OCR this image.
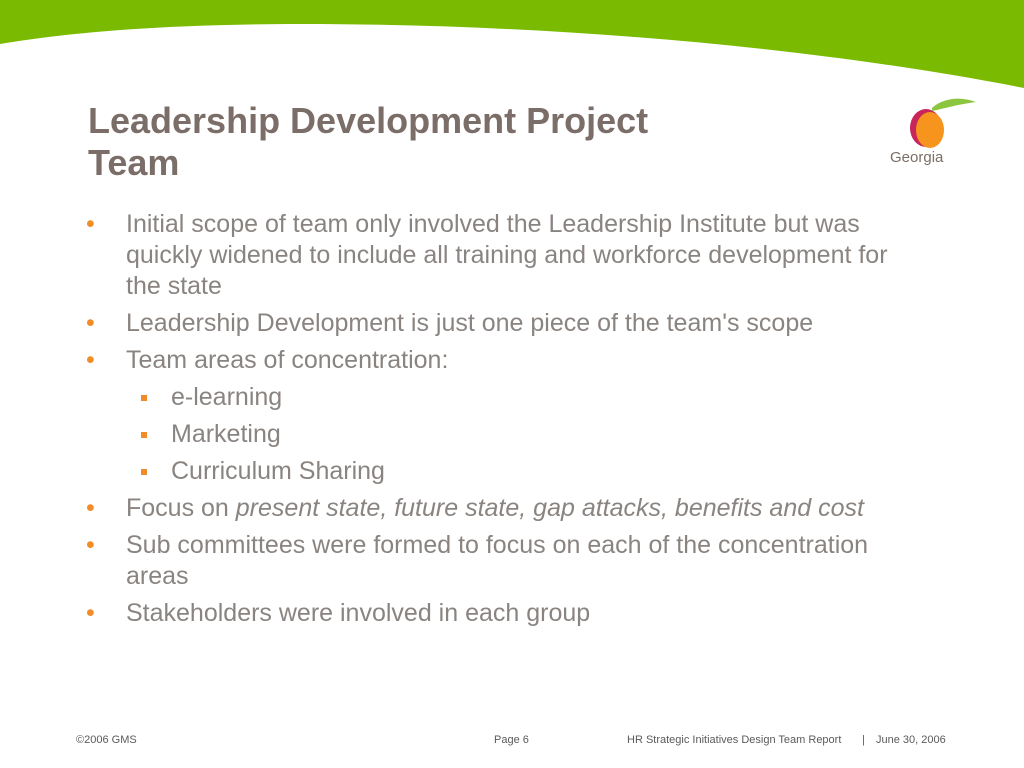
Georgia
Leadership Development Project
Team
• Initial scope of team only involved the Leadership Institute but was quickly widened to include all training and workforce development for the state
• Leadership Development is just one piece of the team's scope
• Team areas of concentration:
e-learning
Marketing
Curriculum Sharing
• Focus on present state, future state, gap attacks, benefits and cost
• Sub committees were formed to focus on each of the concentration areas
• Stakeholders were involved in each group
©2006 GMS	Page 6	HR Strategic Initiatives Design Team Report | June 30, 2006
